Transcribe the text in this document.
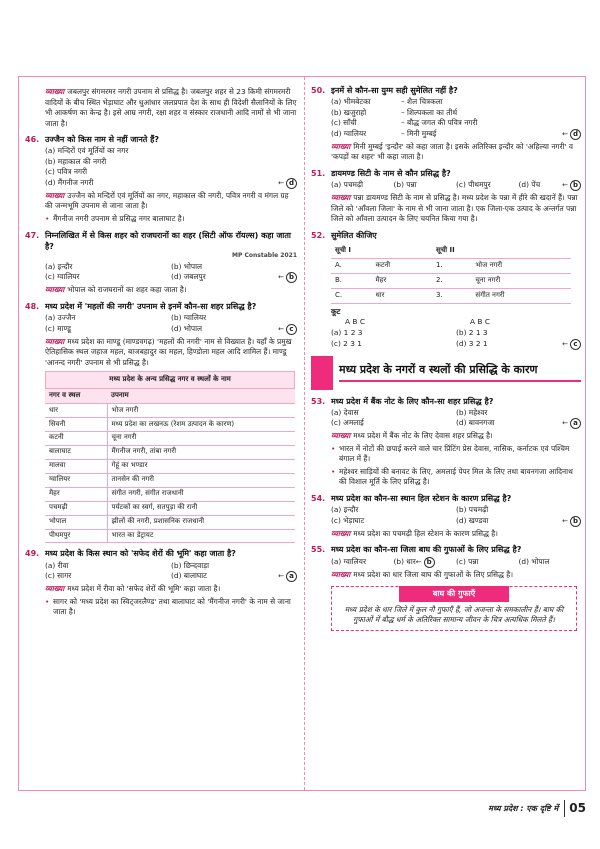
व्याख्या जबलपुर संगमरमर नगरी उपनाम से प्रसिद्ध है। जबलपुर शहर से 23 किमी संगमरमरी वादियों के बीच स्थित भेड़ाघाट और धुआंधार जलप्रपात देश के साथ ही विदेशी सैलानियों के लिए भी आकर्षण का केन्द्र है। इसे आम्र नगरी, रक्षा शहर व संस्कार राजधानी आदि नामों से भी जाना जाता है।
46. उज्जैन को किस नाम से नहीं जानते हैं?
(a) मन्दिरों एवं मूर्तियों का नगर
(b) महाकाल की नगरी
(c) पवित्र नगरी
(d) मैंगनीज नगरी	← d
व्याख्या उज्जैन को मन्दिरों एवं मूर्तियों का नगर, महाकाल की नगरी, पवित्र नगरी व मंगल ग्रह की जन्मभूमि उपनाम से जाना जाता है।
• मैंगनीज नगरी उपनाम से प्रसिद्ध नगर बालाघाट है।
47. निम्नलिखित में से किस शहर को राजघरानों का शहर (सिटी ऑफ रॉयल्स) कहा जाता है?
MP Constable 2021
(a) इन्दौर	(b) भोपाल
(c) ग्वालियर	(d) जबलपुर	← b
व्याख्या भोपाल को राजघरानों का शहर कहा जाता है।
48. मध्य प्रदेश में 'महलों की नगरी' उपनाम से इनमें कौन-सा शहर प्रसिद्ध है?
(a) उज्जैन	(b) ग्वालियर
(c) माण्डू	(d) भोपाल	← c
व्याख्या मध्य प्रदेश का माण्डू (माण्डवगढ़) 'महलों की नगरी' नाम से विख्यात है। यहाँ के प्रमुख ऐतिहासिक स्थल जहाज महल, बाजबहादुर का महल, हिण्डोला महल आदि शामिल हैं। माण्डू 'आनन्द नगरी' उपनाम से भी प्रसिद्ध है।
मध्य प्रदेश के अन्य प्रसिद्ध नगर व स्थलों के नाम
नगर व स्थल	उपनाम
धार	भोज नगरी
सिवनी	मध्य प्रदेश का लखनऊ (रेशम उत्पादन के कारण)
कटनी	चूना नगरी
बालाघाट	मैंगनीज नगरी, तांबा नगरी
मालवा	गेहूं का भण्डार
ग्वालियर	तानसेन की नगरी
मैहर	संगीत नगरी, संगीत राजधानी
पचमढ़ी	पर्यटकों का स्वर्ग, सतपुड़ा की रानी
भोपाल	झीलों की नगरी, प्रशासनिक राजधानी
पीथमपुर	भारत का डेट्रायट
49. मध्य प्रदेश के किस स्थान को 'सफेद शेरों की भूमि' कहा जाता है?
(a) रीवा	(b) छिन्दवाड़ा
(c) सागर	(d) बालाघाट	← a
व्याख्या मध्य प्रदेश में रीवा को 'सफेद शेरों की भूमि' कहा जाता है।
• सागर को 'मध्य प्रदेश का स्विट्जरलैण्ड' तथा बालाघाट को 'मैंगनीज नगरी' के नाम से जाना जाता है।
50. इनमें से कौन-सा युग्म सही सुमेलित नहीं है?
(a) भीमबेटका	– शैल चित्रकला
(b) खजुराहो	– शिल्पकला का तीर्थ
(c) साँची	– बौद्ध जगत की पवित्र नगरी
(d) ग्वालियर	– मिनी मुम्बई	← d
व्याख्या मिनी मुम्बई 'इन्दौर' को कहा जाता है। इसके अतिरिक्त इन्दौर को 'अहिल्या नगरी' व 'कपड़ों का शहर' भी कहा जाता है।
51. डायमण्ड सिटी के नाम से कौन प्रसिद्ध है?
(a) पचमढ़ी	(b) पन्ना	(c) पीथमपुर	(d) पेंच	← b
व्याख्या पन्ना डायमण्ड सिटी के नाम से प्रसिद्ध है। मध्य प्रदेश के पन्ना में हीरे की खदानें हैं। पन्ना जिले को 'आँवला जिला' के नाम से भी जाना जाता है। एक जिला-एक उत्पाद के अन्तर्गत पन्ना जिले को आँवला उत्पादन के लिए चयनित किया गया है।
52. सुमेलित कीजिए
सूची I		सूची II	
A.	कटनी	1.	भोज नगरी
B.	मैहर	2.	चूना नगरी
C.	धार	3.	संगीत नगरी
कूट
A B C	A B C
(a) 1 2 3	(b) 2 1 3
(c) 2 3 1	(d) 3 2 1	← c
मध्य प्रदेश के नगरों व स्थलों की प्रसिद्धि के कारण
53. मध्य प्रदेश में बैंक नोट के लिए कौन-सा शहर प्रसिद्ध है?
(a) देवास	(b) महेश्वर
(c) अमलाई	(d) बावनगजा	← a
व्याख्या मध्य प्रदेश में बैंक नोट के लिए देवास शहर प्रसिद्ध है।
• भारत में नोटों की छपाई करने वाले चार प्रिंटिंग प्रेस देवास, नासिक, कर्नाटक एवं पश्चिम बंगाल में हैं।
• महेश्वर साड़ियों की बनावट के लिए, अमलाई पेपर मिल के लिए तथा बावनगजा आदिनाथ की विशाल मूर्ति के लिए प्रसिद्ध है।
54. मध्य प्रदेश का कौन-सा स्थान हिल स्टेशन के कारण प्रसिद्ध है?
(a) इन्दौर	(b) पचमढ़ी
(c) भेड़ाघाट	(d) खण्डवा	← b
व्याख्या मध्य प्रदेश का पचमढ़ी हिल स्टेशन के कारण प्रसिद्ध है।
55. मध्य प्रदेश का कौन-सा जिला बाघ की गुफाओं के लिए प्रसिद्ध है?
(a) ग्वालियर	(b) धार ← b	(c) पन्ना	(d) भोपाल
व्याख्या मध्य प्रदेश का धार जिला बाघ की गुफाओं के लिए प्रसिद्ध है।
बाघ की गुफाएँ
मध्य प्रदेश के धार जिले में कुल नौ गुफाएँ हैं, जो अजन्ता के समकालीन हैं। बाघ की गुफाओं में बौद्ध धर्म के अतिरिक्त सामान्य जीवन के चित्र अत्यधिक मिलते हैं।
मध्य प्रदेश : एक दृष्टि में 05
